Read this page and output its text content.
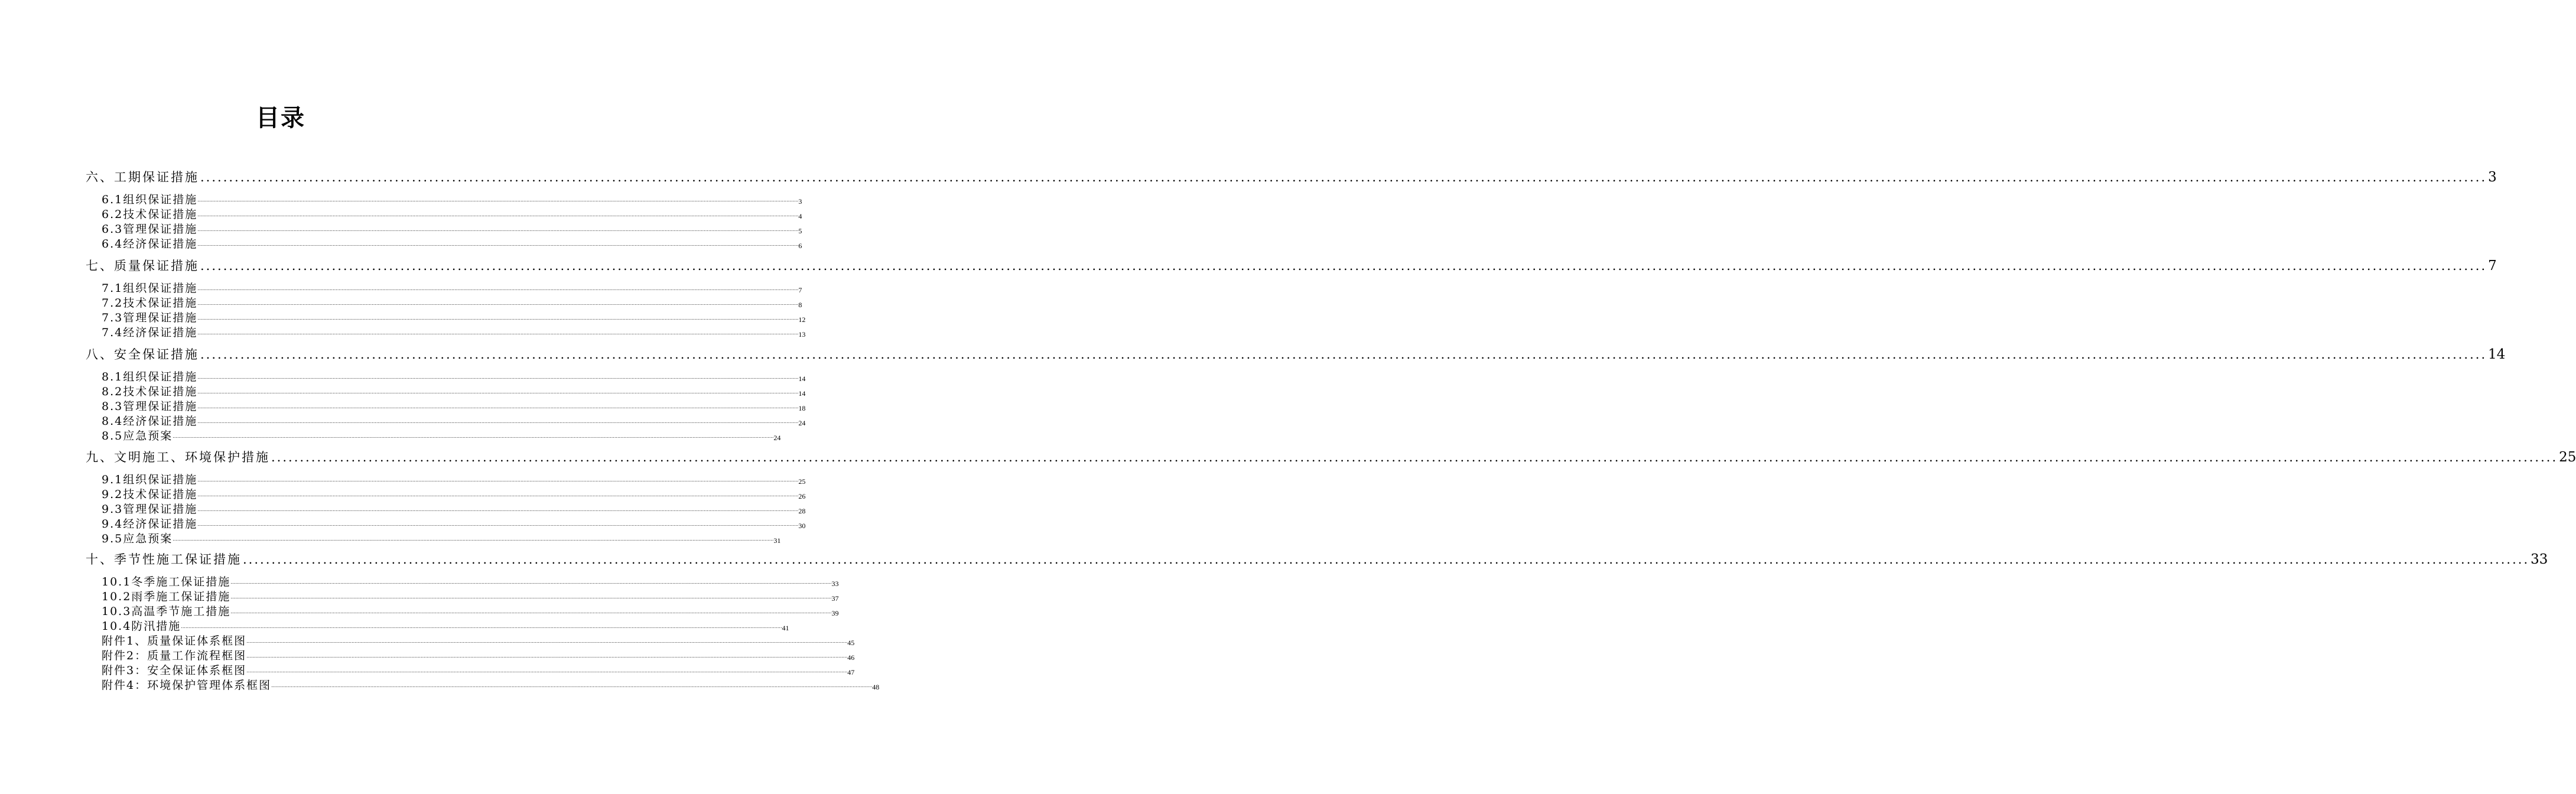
目录
六、工期保证措施 ................................................................................................................................................................................................................................................................................................................................................................................................................ 3
6.1组织保证措施 ................................................................................................................................................................................................................................................................................................................................................................................................................ 3
6.2技术保证措施 ................................................................................................................................................................................................................................................................................................................................................................................................................ 4
6.3管理保证措施 ................................................................................................................................................................................................................................................................................................................................................................................................................ 5
6.4经济保证措施 ................................................................................................................................................................................................................................................................................................................................................................................................................ 6
七、质量保证措施 ................................................................................................................................................................................................................................................................................................................................................................................................................ 7
7.1组织保证措施 ................................................................................................................................................................................................................................................................................................................................................................................................................ 7
7.2技术保证措施 ................................................................................................................................................................................................................................................................................................................................................................................................................ 8
7.3管理保证措施 ................................................................................................................................................................................................................................................................................................................................................................................................................ 12
7.4经济保证措施 ................................................................................................................................................................................................................................................................................................................................................................................................................ 13
八、安全保证措施 ................................................................................................................................................................................................................................................................................................................................................................................................................ 14
8.1组织保证措施 ................................................................................................................................................................................................................................................................................................................................................................................................................ 14
8.2技术保证措施 ................................................................................................................................................................................................................................................................................................................................................................................................................ 14
8.3管理保证措施 ................................................................................................................................................................................................................................................................................................................................................................................................................ 18
8.4经济保证措施 ................................................................................................................................................................................................................................................................................................................................................................................................................ 24
8.5应急预案 ................................................................................................................................................................................................................................................................................................................................................................................................................ 24
九、文明施工、环境保护措施 ................................................................................................................................................................................................................................................................................................................................................................................................................ 25
9.1组织保证措施 ................................................................................................................................................................................................................................................................................................................................................................................................................ 25
9.2技术保证措施 ................................................................................................................................................................................................................................................................................................................................................................................................................ 26
9.3管理保证措施 ................................................................................................................................................................................................................................................................................................................................................................................................................ 28
9.4经济保证措施 ................................................................................................................................................................................................................................................................................................................................................................................................................ 30
9.5应急预案 ................................................................................................................................................................................................................................................................................................................................................................................................................ 31
十、季节性施工保证措施 ................................................................................................................................................................................................................................................................................................................................................................................................................ 33
10.1冬季施工保证措施 ................................................................................................................................................................................................................................................................................................................................................................................................................ 33
10.2雨季施工保证措施 ................................................................................................................................................................................................................................................................................................................................................................................................................ 37
10.3高温季节施工措施 ................................................................................................................................................................................................................................................................................................................................................................................................................ 39
10.4防汛措施 ................................................................................................................................................................................................................................................................................................................................................................................................................ 41
附件1、质量保证体系框图 ................................................................................................................................................................................................................................................................................................................................................................................................................ 45
附件2：质量工作流程框图 ................................................................................................................................................................................................................................................................................................................................................................................................................ 46
附件3：安全保证体系框图 ................................................................................................................................................................................................................................................................................................................................................................................................................ 47
附件4：环境保护管理体系框图 ................................................................................................................................................................................................................................................................................................................................................................................................................ 48
